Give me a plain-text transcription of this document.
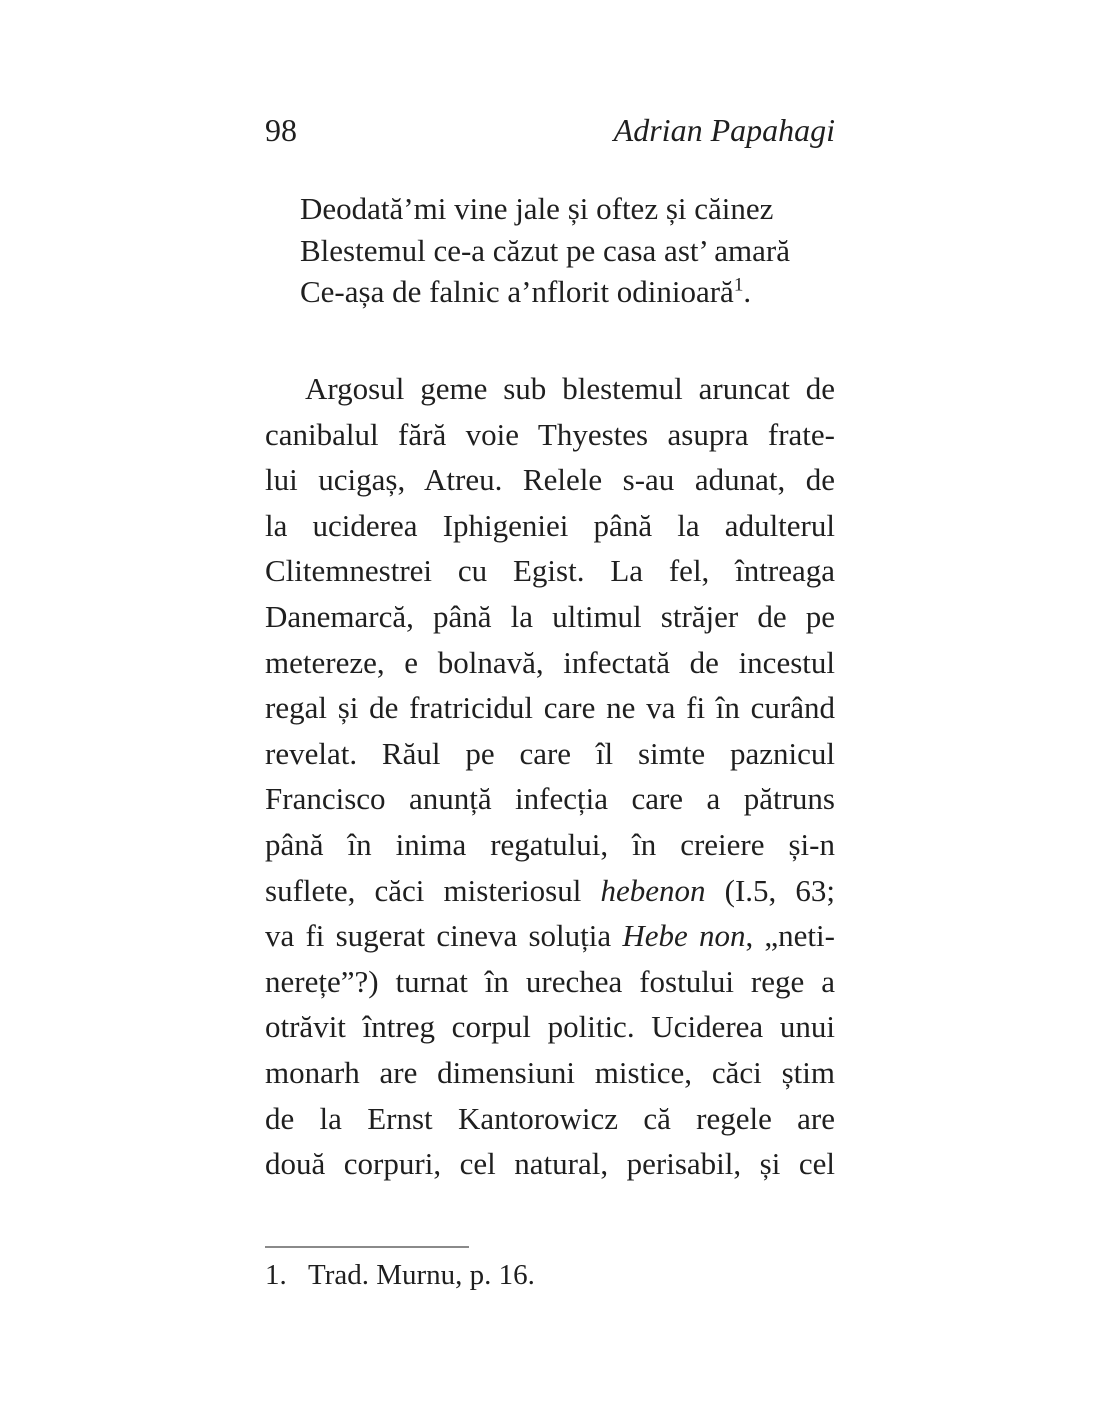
98	Adrian Papahagi
Deodată’mi vine jale și oftez și căinez
Blestemul ce-a căzut pe casa ast’ amară
Ce-așa de falnic a’nflorit odinioară$^1$.
Argosul geme sub blestemul aruncat de
canibalul fără voie Thyestes asupra frate-
lui ucigaș, Atreu. Relele s-au adunat, de
la uciderea Iphigeniei până la adulterul
Clitemnestrei cu Egist. La fel, întreaga
Danemarcă, până la ultimul străjer de pe
metereze, e bolnavă, infectată de incestul
regal și de fratricidul care ne va fi în curând
revelat. Răul pe care îl simte paznicul
Francisco anunță infecția care a pătruns
până în inima regatului, în creiere și-n
suflete, căci misteriosul hebenon (I.5, 63;
va fi sugerat cineva soluția Hebe non, „neti-
nerețe”?) turnat în urechea fostului rege a
otrăvit întreg corpul politic. Uciderea unui
monarh are dimensiuni mistice, căci știm
de la Ernst Kantorowicz că regele are
două corpuri, cel natural, perisabil, și cel
1. Trad. Murnu, p. 16.
